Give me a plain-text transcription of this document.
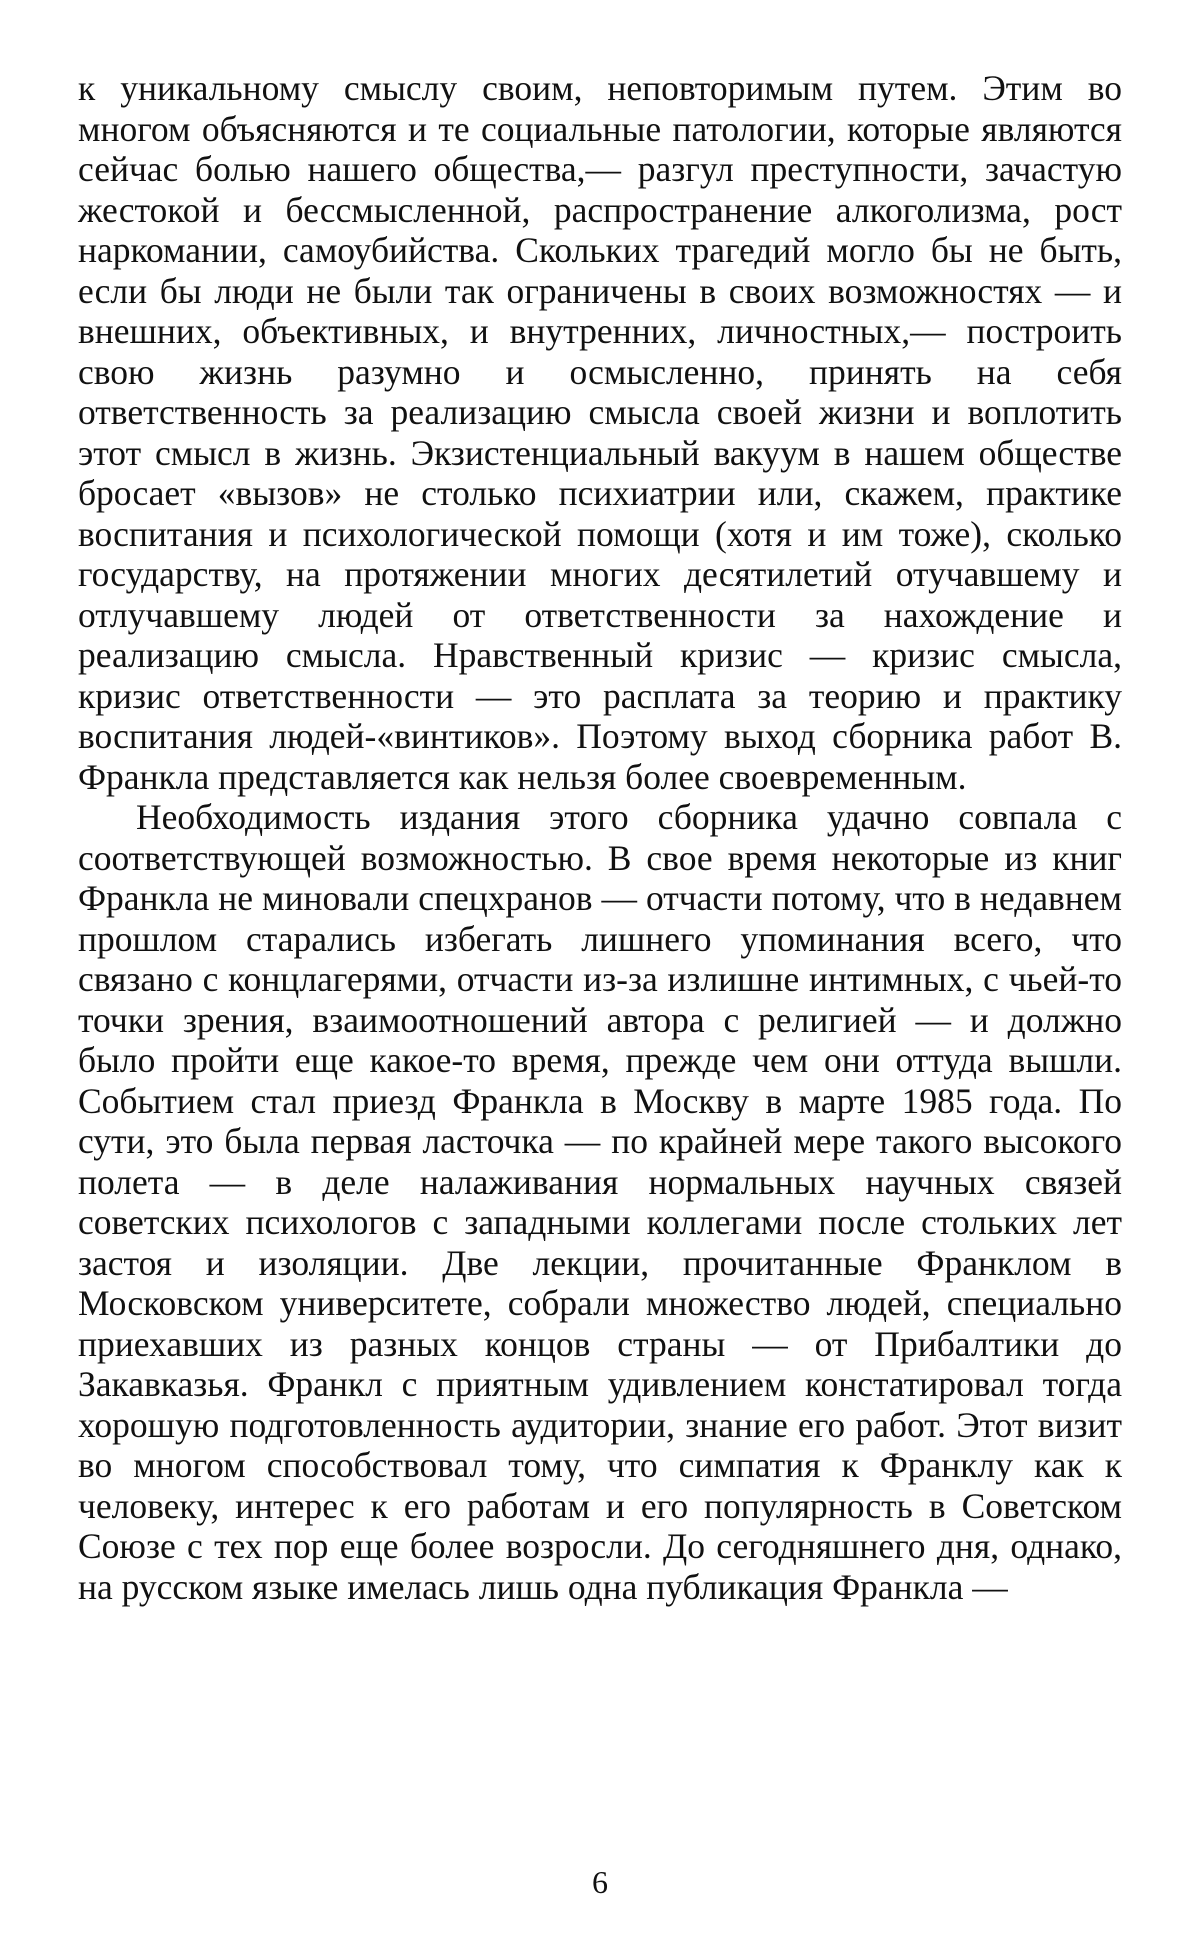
к уникальному смыслу своим, неповторимым путем. Этим во многом объясняются и те социальные патологии, которые являются сейчас болью нашего общества,— разгул преступности, зачастую жестокой и бессмысленной, распространение алкоголизма, рост наркомании, самоубийства. Скольких трагедий могло бы не быть, если бы люди не были так ограничены в своих возможностях — и внешних, объективных, и внутренних, личностных,— построить свою жизнь разумно и осмысленно, принять на себя ответственность за реализацию смысла своей жизни и воплотить этот смысл в жизнь. Экзистенциальный вакуум в нашем обществе бросает «вызов» не столько психиатрии или, скажем, практике воспитания и психологической помощи (хотя и им тоже), сколько государству, на протяжении многих десятилетий отучавшему и отлучавшему людей от ответственности за нахождение и реализацию смысла. Нравственный кризис — кризис смысла, кризис ответственности — это расплата за теорию и практику воспитания людей-«винтиков». Поэтому выход сборника работ В. Франкла представляется как нельзя более своевременным.

Необходимость издания этого сборника удачно совпала с соответствующей возможностью. В свое время некоторые из книг Франкла не миновали спецхранов — отчасти потому, что в недавнем прошлом старались избегать лишнего упоминания всего, что связано с концлагерями, отчасти из-за излишне интимных, с чьей-то точки зрения, взаимоотношений автора с религией — и должно было пройти еще какое-то время, прежде чем они оттуда вышли. Событием стал приезд Франкла в Москву в марте 1985 года. По сути, это была первая ласточка — по крайней мере такого высокого полета — в деле налаживания нормальных научных связей советских психологов с западными коллегами после стольких лет застоя и изоляции. Две лекции, прочитанные Франклом в Московском университете, собрали множество людей, специально приехавших из разных концов страны — от Прибалтики до Закавказья. Франкл с приятным удивлением констатировал тогда хорошую подготовленность аудитории, знание его работ. Этот визит во многом способствовал тому, что симпатия к Франклу как к человеку, интерес к его работам и его популярность в Советском Союзе с тех пор еще более возросли. До сегодняшнего дня, однако, на русском языке имелась лишь одна публикация Франкла —

6
